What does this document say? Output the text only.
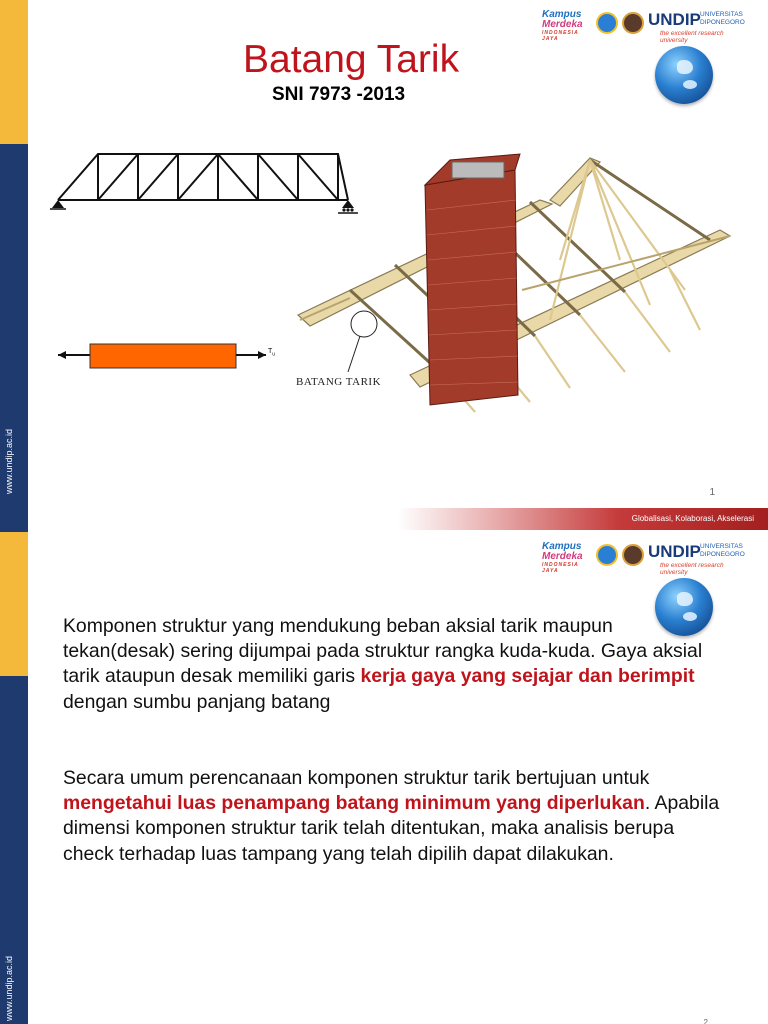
www.undip.ac.id
Kampus
Merdeka
INDONESIA JAYA
UNDIP UNIVERSITAS
DIPONEGORO
the excellent research university
Batang Tarik
SNI 7973 -2013
$T_u$
BATANG TARIK
1
Globalisasi, Kolaborasi, Akselerasi
www.undip.ac.id
Kampus
Merdeka
INDONESIA JAYA
UNDIP UNIVERSITAS
DIPONEGORO
the excellent research university
Komponen struktur yang mendukung beban aksial tarik maupun tekan(desak) sering dijumpai pada struktur rangka kuda-kuda. Gaya aksial tarik ataupun desak memiliki garis kerja gaya yang sejajar dan berimpit dengan sumbu panjang batang
Secara umum perencanaan komponen struktur tarik bertujuan untuk mengetahui luas penampang batang minimum yang diperlukan. Apabila dimensi komponen struktur tarik telah ditentukan, maka analisis berupa check terhadap luas tampang yang telah dipilih dapat dilakukan.
2
